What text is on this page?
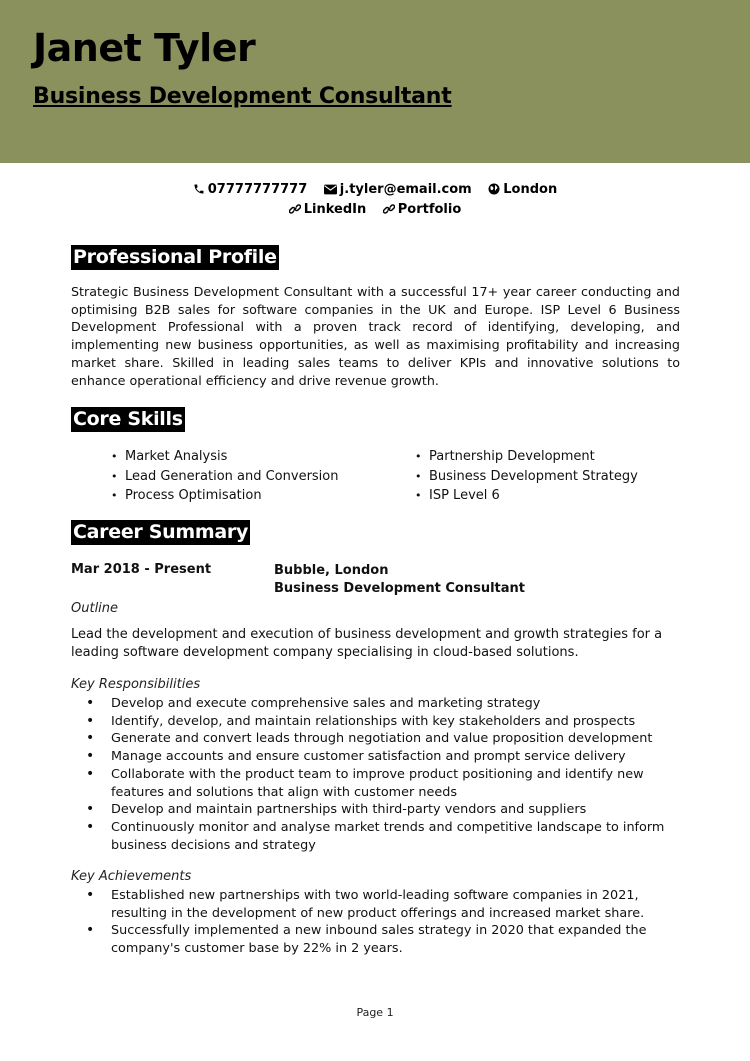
Janet Tyler
Business Development Consultant
07777777777	j.tyler@email.com London
LinkedIn Portfolio
Professional Profile

Strategic Business Development Consultant with a successful 17+ year career conducting and optimising B2B sales for software companies in the UK and Europe. ISP Level 6 Business Development Professional with a proven track record of identifying, developing, and implementing new business opportunities, as well as maximising profitability and increasing market share. Skilled in leading sales teams to deliver KPIs and innovative solutions to enhance operational efficiency and drive revenue growth.

Core Skills
• Market Analysis
• Lead Generation and Conversion
• Process Optimisation
• Partnership Development
• Business Development Strategy
• ISP Level 6
Career Summary
Mar 2018 - Present	Bubble, London
Business Development Consultant
Outline

Lead the development and execution of business development and growth strategies for a leading software development company specialising in cloud-based solutions.

Key Responsibilities
• Develop and execute comprehensive sales and marketing strategy
• Identify, develop, and maintain relationships with key stakeholders and prospects
• Generate and convert leads through negotiation and value proposition development
• Manage accounts and ensure customer satisfaction and prompt service delivery
• Collaborate with the product team to improve product positioning and identify new features and solutions that align with customer needs
• Develop and maintain partnerships with third-party vendors and suppliers
• Continuously monitor and analyse market trends and competitive landscape to inform business decisions and strategy
Key Achievements
• Established new partnerships with two world-leading software companies in 2021, resulting in the development of new product offerings and increased market share.
• Successfully implemented a new inbound sales strategy in 2020 that expanded the company's customer base by 22% in 2 years.
Page 1
